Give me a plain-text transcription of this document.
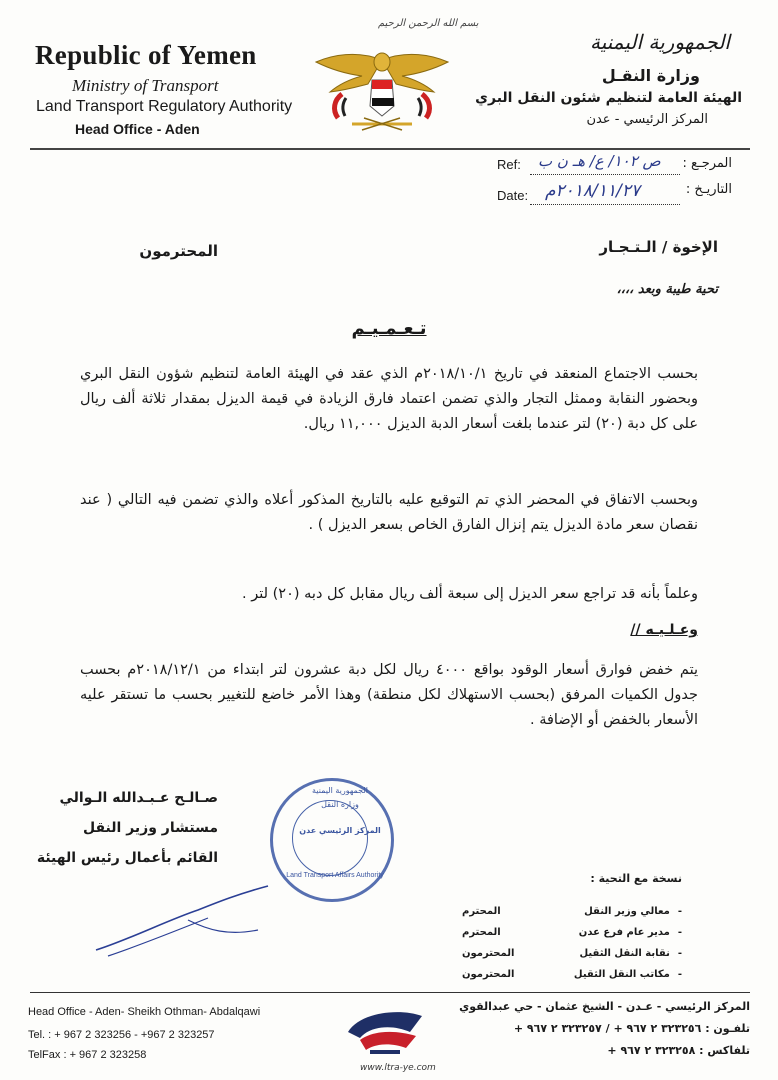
بسم الله الرحمن الرحيم
Republic of Yemen
Ministry of Transport
Land Transport Regulatory Authority
Head Office - Aden
الجمهورية اليمنية
وزارة النقـل
الهيئة العامة لتنظيم شئون النقل البري
المركز الرئيسي - عدن
المرجـع :
Ref: ص ١٠٢/ ع/ هـ ن ب
التاريـخ :
Date: ٢٠١٨/١١/٢٧م
الإخوة / الـتـجـار
المحترمون
تحية طيبة وبعد ،،،،
تـعـمـيـم
بحسب الاجتماع المنعقد في تاريخ ٢٠١٨/١٠/١م الذي عقد في الهيئة العامة لتنظيم شؤون النقل البري وبحضور النقابة وممثل التجار والذي تضمن اعتماد فارق الزيادة في قيمة الديزل بمقدار ثلاثة ألف ريال على كل دبة (٢٠) لتر عندما بلغت أسعار الدبة الديزل ١١,٠٠٠ ريال.
وبحسب الاتفاق في المحضر الذي تم التوقيع عليه بالتاريخ المذكور أعلاه والذي تضمن فيه التالي ( عند نقصان سعر مادة الديزل يتم إنزال الفارق الخاص بسعر الديزل ) .
وعلماً بأنه قد تراجع سعر الديزل إلى سبعة ألف ريال مقابل كل دبه (٢٠) لتر .
وعـلـيـه //
يتم خفض فوارق أسعار الوقود بواقع ٤٠٠٠ ريال لكل دبة عشرون لتر ابتداء من ٢٠١٨/١٢/١م بحسب جدول الكميات المرفق (بحسب الاستهلاك لكل منطقة) وهذا الأمر خاضع للتغيير بحسب ما تستقر عليه الأسعار بالخفض أو الإضافة .
الجمهورية اليمنية
وزارة النقل
المركز الرئيسي عدن
Land Transport Affairs Authority
صـالـح عـبـدالله الـوالي
مستشار وزير النقل
القائم بأعمال رئيس الهيئة
نسخة مع التحية :
-معالي وزير النقل
المحترم
-مدير عام فرع عدن
المحترم
-نقابة النقل الثقيل
المحترمون
-مكاتب النقل الثقيل
المحترمون
Head Office - Aden- Sheikh Othman- Abdalqawi
Tel. : + 967 2 323256 - +967 2 323257
TelFax : + 967 2 323258
المركز الرئيسي - عـدن - الشيخ عثمان - حي عبدالقوي
تلفـون : ٣٢٣٢٥٦ ٢ ٩٦٧ + / ٣٢٣٢٥٧ ٢ ٩٦٧ +
تلفاكس : ٣٢٣٢٥٨ ٢ ٩٦٧ +
www.ltra-ye.com
